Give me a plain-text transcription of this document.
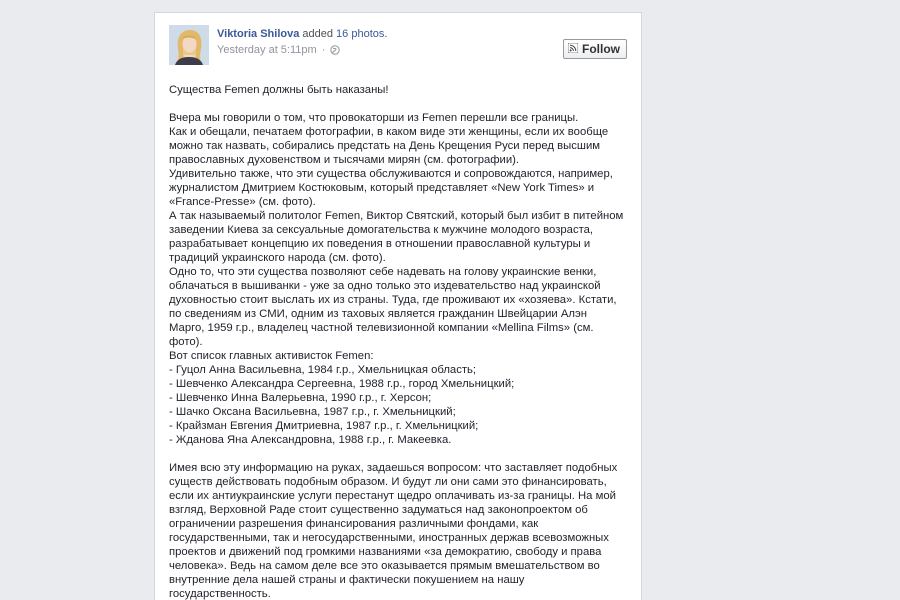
Viktoria Shilova added 16 photos.
Yesterday at 5:11pm ·	Follow
Существа Femen должны быть наказаны!
Вчера мы говорили о том, что провокаторши из Femen перешли все границы.
Как и обещали, печатаем фотографии, в каком виде эти женщины, если их вообще
можно так назвать, собирались предстать на День Крещения Руси перед высшим
православных духовенством и тысячами мирян (см. фотографии).
Удивительно также, что эти существа обслуживаются и сопровождаются, например,
журналистом Дмитрием Костюковым, который представляет «New York Times» и
«France-Presse» (см. фото).
А так называемый политолог Femen, Виктор Святский, который был избит в питейном
заведении Киева за сексуальные домогательства к мужчине молодого возраста,
разрабатывает концепцию их поведения в отношении православной культуры и
традиций украинского народа (см. фото).
Одно то, что эти существа позволяют себе надевать на голову украинские венки,
облачаться в вышиванки - уже за одно только это издевательство над украинской
духовностью стоит выслать их из страны. Туда, где проживают их «хозяева». Кстати,
по сведениям из СМИ, одним из таховых является гражданин Швейцарии Алэн
Марго, 1959 г.р., владелец частной телевизионной компании «Mellina Films» (см.
фото).
Вот список главных активисток Femen:
- Гуцол Анна Васильевна, 1984 г.р., Хмельницкая область;
- Шевченко Александра Сергеевна, 1988 г.р., город Хмельницкий;
- Шевченко Инна Валерьевна, 1990 г.р., г. Херсон;
- Шачко Оксана Васильевна, 1987 г.р., г. Хмельницкий;
- Крайзман Евгения Дмитриевна, 1987 г.р., г. Хмельницкий;
- Жданова Яна Александровна, 1988 г.р., г. Макеевка.
Имея всю эту информацию на руках, задаешься вопросом: что заставляет подобных
существ действовать подобным образом. И будут ли они сами это финансировать,
если их антиукраинские услуги перестанут щедро оплачивать из-за границы. На мой
взгляд, Верховной Раде стоит существенно задуматься над законопроектом об
ограничении разрешения финансирования различными фондами, как
государственными, так и негосударственными, иностранных держав всевозможных
проектов и движений под громкими названиями «за демократию, свободу и права
человека». Ведь на самом деле все это оказывается прямым вмешательством во
внутренние дела нашей страны и фактически покушением на нашу
государственность.
